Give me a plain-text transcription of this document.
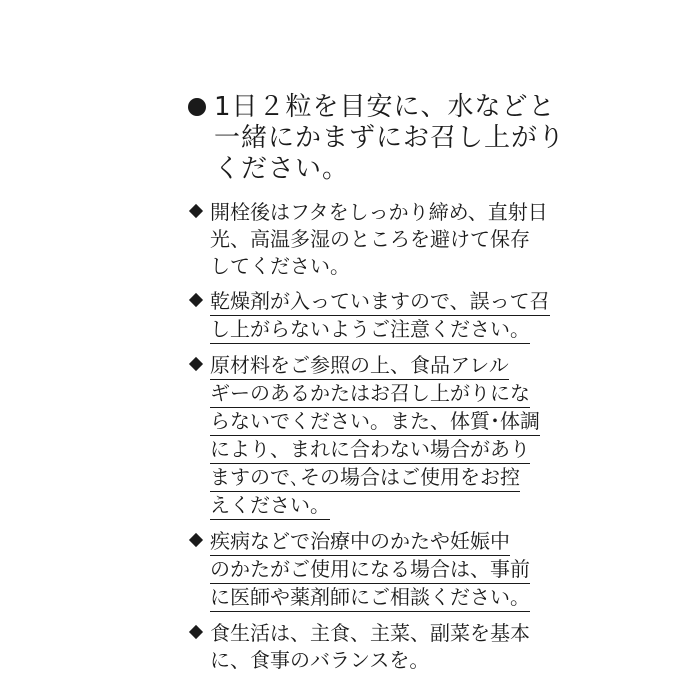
1日２粒を目安に、水などと
一緒にかまずにお召し上がり
ください。
開栓後はフタをしっかり締め、直射日
光、高温多湿のところを避けて保存
してください。
乾燥剤が入っていますので、誤って召
し上がらないようご注意ください。
原材料をご参照の上、食品アレル
ギーのあるかたはお召し上がりにな
らないでください。また、体質･体調
により、まれに合わない場合があり
ますので､その場合はご使用をお控
えください。
疾病などで治療中のかたや妊娠中
のかたがご使用になる場合は、事前
に医師や薬剤師にご相談ください。
食生活は、主食、主菜、副菜を基本
に、食事のバランスを。
